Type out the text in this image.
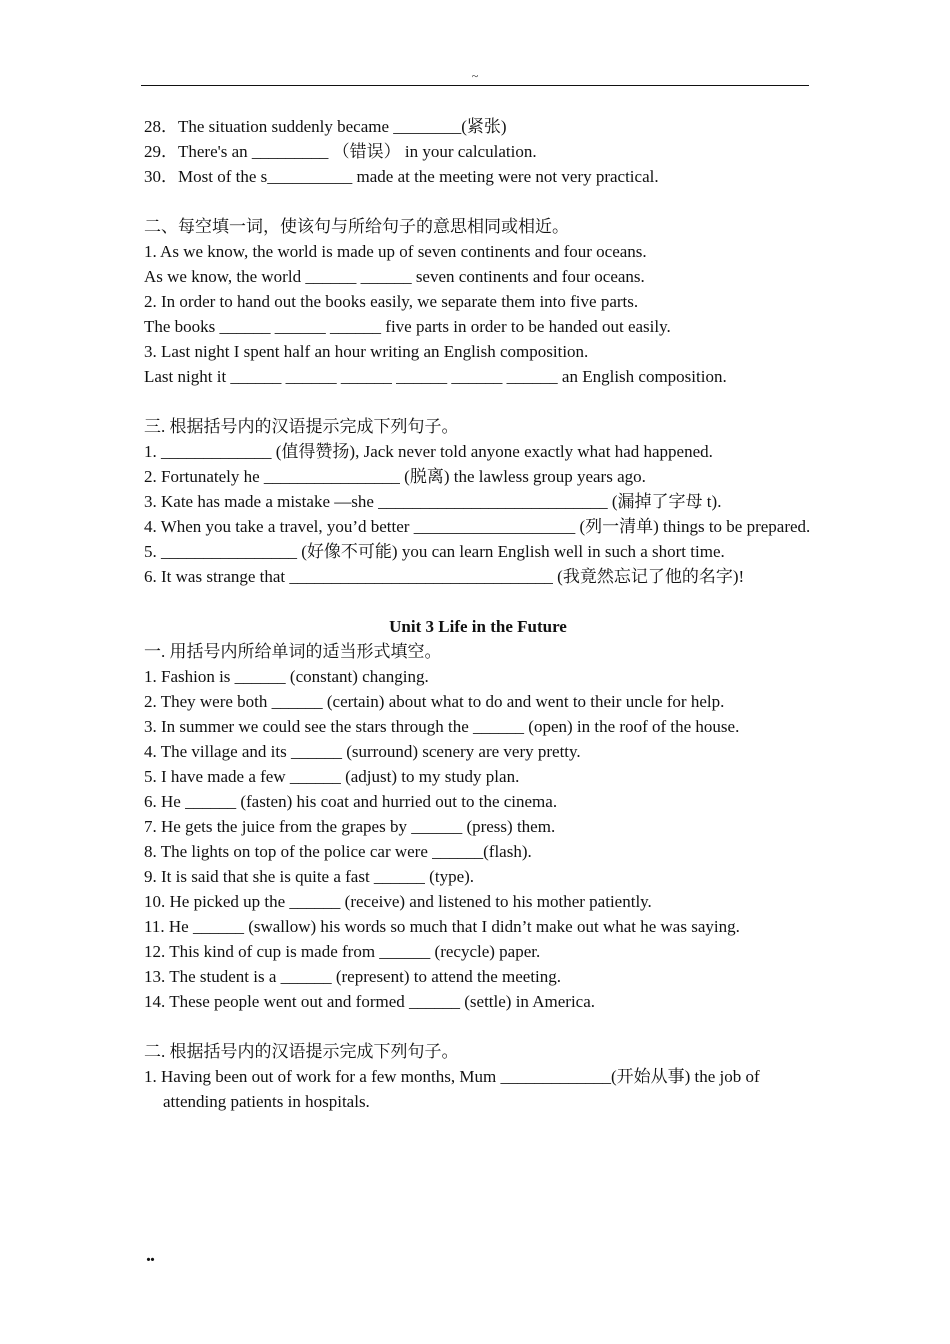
~
28．The situation suddenly became ________(紧张)
29．There's an _________ （错误） in your calculation.
30．Most of the s__________ made at the meeting were not very practical.
二、每空填一词，使该句与所给句子的意思相同或相近。
1. As we know, the world is made up of seven continents and four oceans.
As we know, the world ______ ______ seven continents and four oceans.
2. In order to hand out the books easily, we separate them into five parts.
The books ______ ______ ______ five parts in order to be handed out easily.
3. Last night I spent half an hour writing an English composition.
Last night it ______ ______ ______ ______ ______ ______ an English composition.
三. 根据括号内的汉语提示完成下列句子。
1. _____________ (值得赞扬), Jack never told anyone exactly what had happened.
2. Fortunately he ________________ (脱离) the lawless group years ago.
3. Kate has made a mistake —she ___________________________ (漏掉了字母 t).
4. When you take a travel, you’d better ___________________ (列一清单) things to be prepared.
5. ________________ (好像不可能) you can learn English well in such a short time.
6. It was strange that _______________________________ (我竟然忘记了他的名字)!
Unit 3 Life in the Future
一. 用括号内所给单词的适当形式填空。
1. Fashion is ______ (constant) changing.
2. They were both ______ (certain) about what to do and went to their uncle for help.
3. In summer we could see the stars through the ______ (open) in the roof of the house.
4. The village and its ______ (surround) scenery are very pretty.
5. I have made a few ______ (adjust) to my study plan.
6. He ______ (fasten) his coat and hurried out to the cinema.
7. He gets the juice from the grapes by ______ (press) them.
8. The lights on top of the police car were ______(flash).
9. It is said that she is quite a fast ______ (type).
10. He picked up the ______ (receive) and listened to his mother patiently.
11. He ______ (swallow) his words so much that I didn’t make out what he was saying.
12. This kind of cup is made from ______ (recycle) paper.
13. The student is a ______ (represent) to attend the meeting.
14. These people went out and formed ______ (settle) in America.
二. 根据括号内的汉语提示完成下列句子。
1. Having been out of work for a few months, Mum _____________(开始从事) the job of attending patients in hospitals.
..
